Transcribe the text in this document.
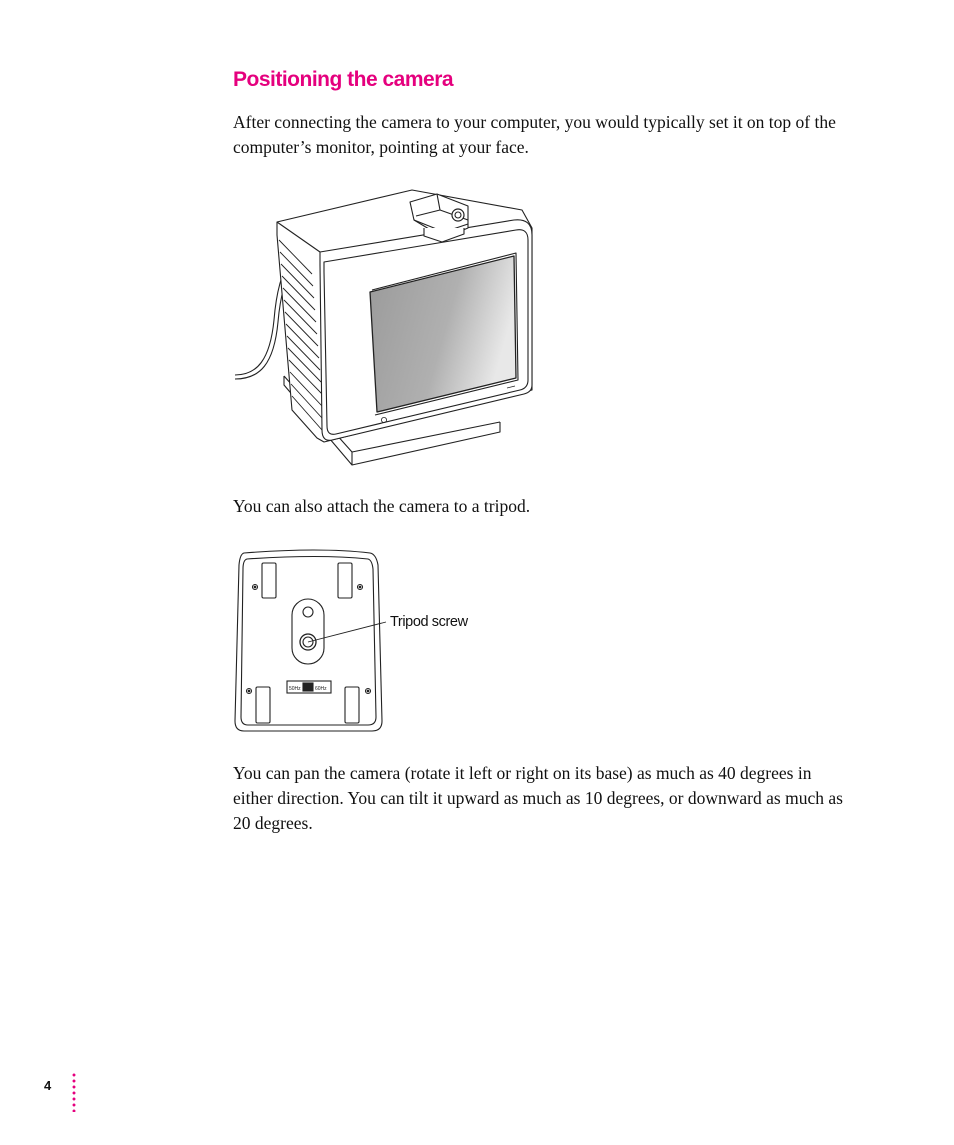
Positioning the camera

After connecting the camera to your computer, you would typically set it on top of the computer’s monitor, pointing at your face.

You can also attach the camera to a tripod.

50Hz	60Hz
Tripod screw

You can pan the camera (rotate it left or right on its base) as much as 40 degrees in either direction. You can tilt it upward as much as 10 degrees, or downward as much as 20 degrees.

4
